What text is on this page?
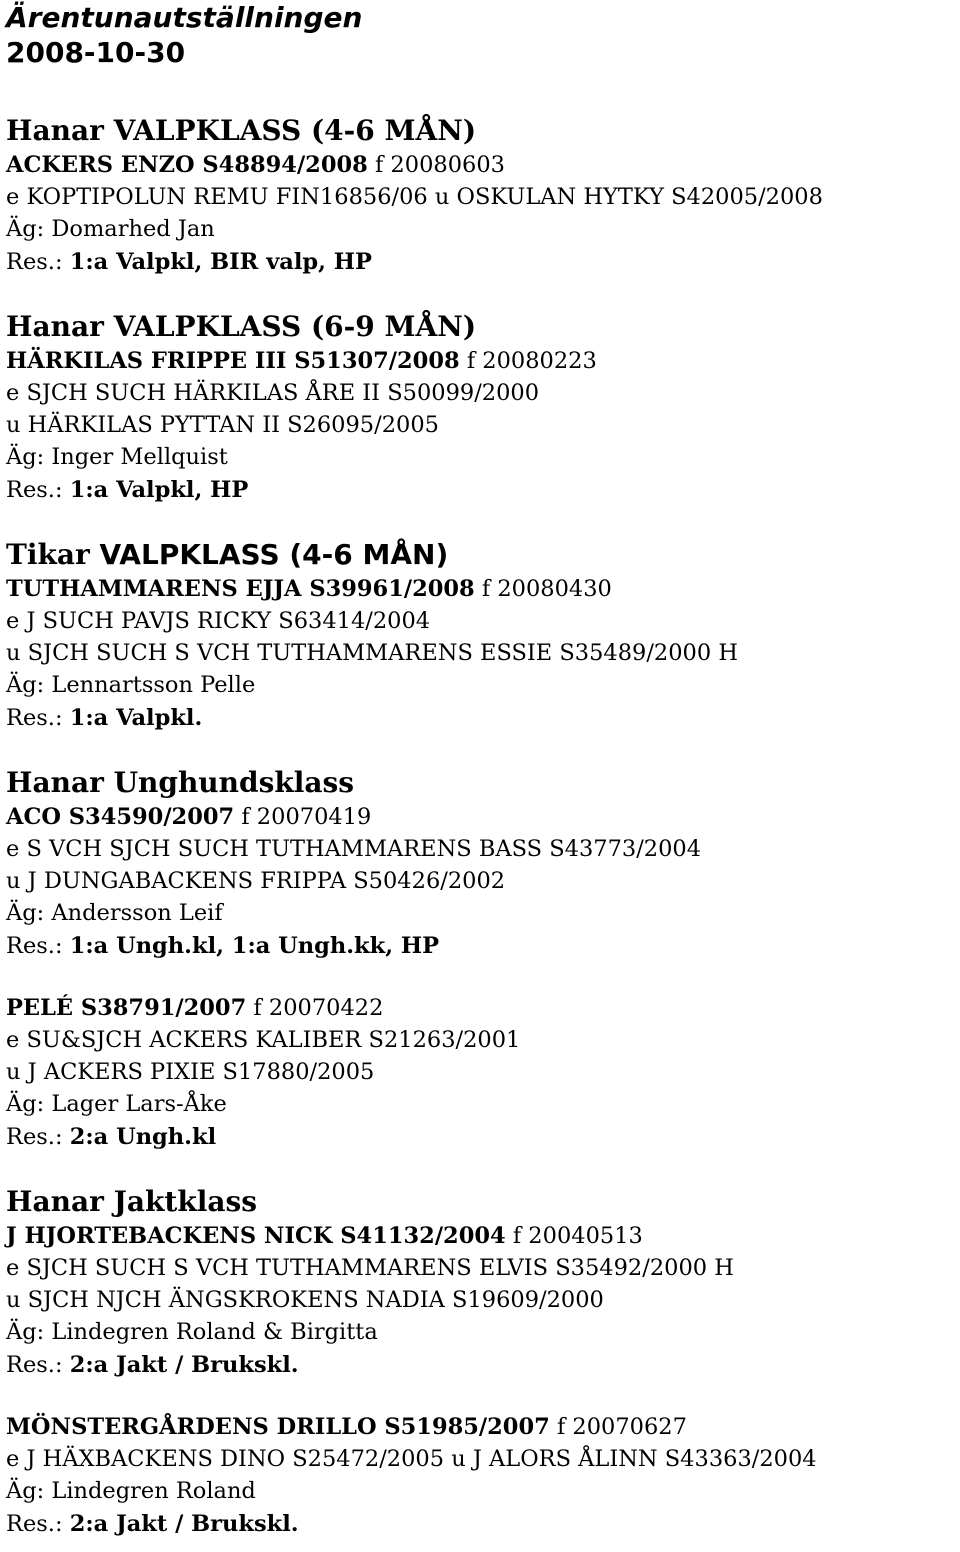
Ärentunautställningen

2008-10-30

Hanar VALPKLASS (4-6 MÅN)

ACKERS ENZO S48894/2008 f 20080603

e KOPTIPOLUN REMU FIN16856/06 u OSKULAN HYTKY S42005/2008

Äg: Domarhed Jan

Res.: 1:a Valpkl, BIR valp, HP

Hanar VALPKLASS (6-9 MÅN)

HÄRKILAS FRIPPE III S51307/2008 f 20080223

e SJCH SUCH HÄRKILAS ÅRE II S50099/2000

u HÄRKILAS PYTTAN II S26095/2005

Äg: Inger Mellquist

Res.: 1:a Valpkl, HP

Tikar VALPKLASS (4-6 MÅN)

TUTHAMMARENS EJJA S39961/2008 f 20080430

e J SUCH PAVJS RICKY S63414/2004

u SJCH SUCH S VCH TUTHAMMARENS ESSIE S35489/2000 H

Äg: Lennartsson Pelle

Res.: 1:a Valpkl.

Hanar Unghundsklass

ACO S34590/2007 f 20070419

e S VCH SJCH SUCH TUTHAMMARENS BASS S43773/2004

u J DUNGABACKENS FRIPPA S50426/2002

Äg: Andersson Leif

Res.: 1:a Ungh.kl, 1:a Ungh.kk, HP

PELÉ S38791/2007 f 20070422

e SU&SJCH ACKERS KALIBER S21263/2001

u J ACKERS PIXIE S17880/2005

Äg: Lager Lars-Åke

Res.: 2:a Ungh.kl

Hanar Jaktklass

J HJORTEBACKENS NICK S41132/2004 f 20040513

e SJCH SUCH S VCH TUTHAMMARENS ELVIS S35492/2000 H

u SJCH NJCH ÄNGSKROKENS NADIA S19609/2000

Äg: Lindegren Roland & Birgitta

Res.: 2:a Jakt / Brukskl.

MÖNSTERGÅRDENS DRILLO S51985/2007 f 20070627

e J HÄXBACKENS DINO S25472/2005 u J ALORS ÅLINN S43363/2004

Äg: Lindegren Roland

Res.: 2:a Jakt / Brukskl.
